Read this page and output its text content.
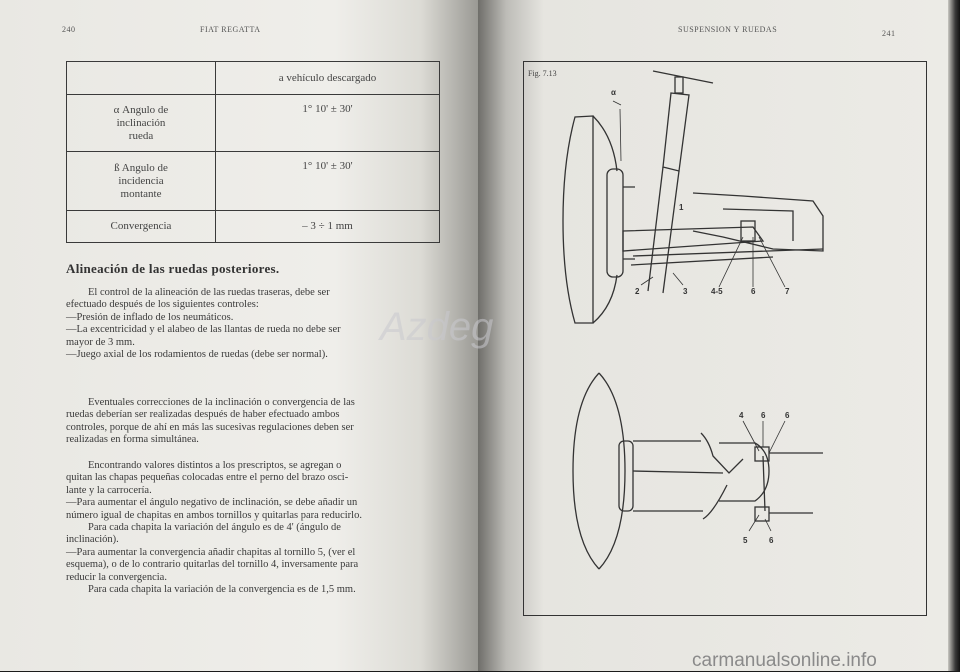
240	FIAT REGATTA
	a vehículo descargado

α Angulo de
inclinación
rueda	1° 10' ± 30'

ß Angulo de
incidencia
montante	1° 10' ± 30'
Convergencia	– 3 ÷ 1 mm
Alineación de las ruedas posteriores.

El control de la alineación de las ruedas traseras, debe ser

efectuado después de los siguientes controles:

—Presión de inflado de los neumáticos.

—La excentricidad y el alabeo de las llantas de rueda no debe ser

mayor de 3 mm.

—Juego axial de los rodamientos de ruedas (debe ser normal).

Eventuales correcciones de la inclinación o convergencia de las

ruedas deberían ser realizadas después de haber efectuado ambos

controles, porque de ahí en más las sucesivas regulaciones deben ser

realizadas en forma simultánea.

Encontrando valores distintos a los prescriptos, se agregan o

quitan las chapas pequeñas colocadas entre el perno del brazo osci-

lante y la carrocería.

—Para aumentar el ángulo negativo de inclinación, se debe añadir un

número igual de chapitas en ambos tornillos y quitarlas para reducirlo.

Para cada chapita la variación del ángulo es de 4' (ángulo de

inclinación).

—Para aumentar la convergencia añadir chapitas al tornillo 5, (ver el

esquema), o de lo contrario quitarlas del tornillo 4, inversamente para

reducir la convergencia.

Para cada chapita la variación de la convergencia es de 1,5 mm.

SUSPENSION Y RUEDAS	241
Fig. 7.13
α
1
2	3	4-5	6	7
4 6 6
5	6
Azdeg
carmanualsonline.info
